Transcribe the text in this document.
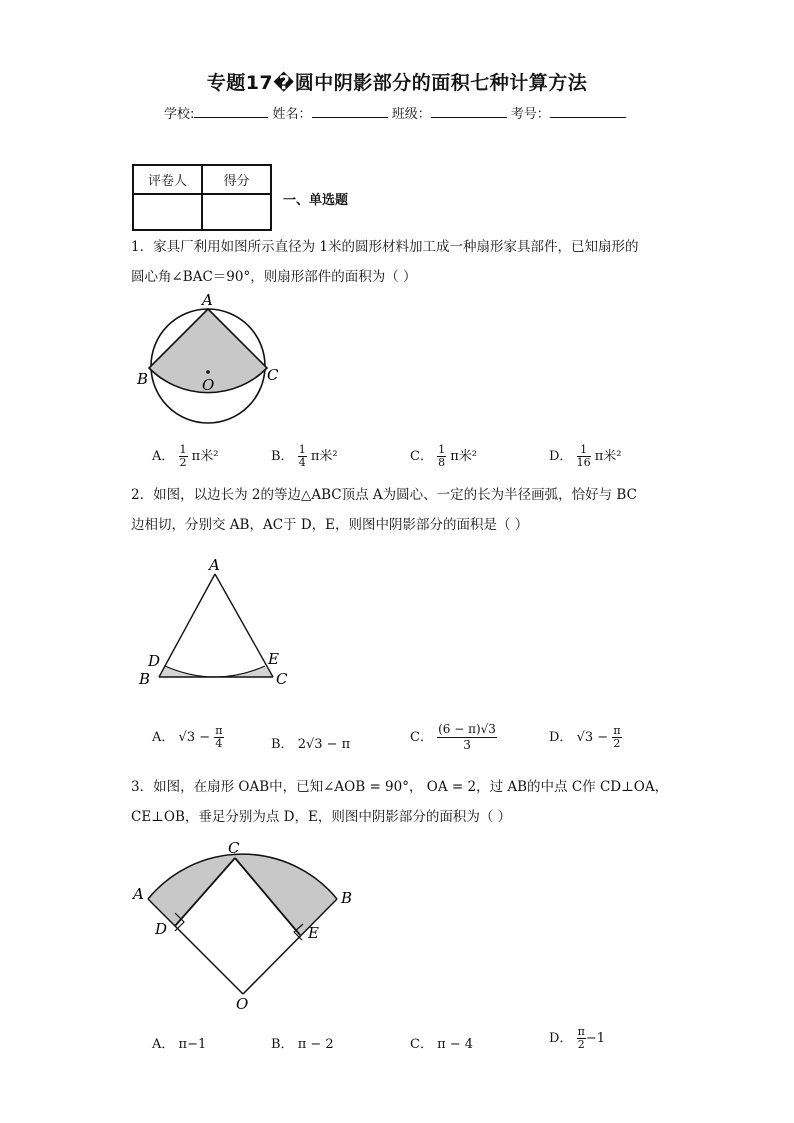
专题17�圆中阴影部分的面积七种计算方法
学校:	姓名：	班级：	考号：
评卷人	得分

一、单选题
1．家具厂利用如图所示直径为 1米的圆形材料加工成一种扇形家具部件，已知扇形的
圆心角∠BAC＝90°，则扇形部件的面积为（ ）
A
B	C
O
A． $\frac{1}{2}$ π米²	B． $\frac{1}{4}$ π米²	C． $\frac{1}{8}$ π米²	D． $\frac{1}{16}$ π米²
2．如图，以边长为 2的等边△ABC顶点 A为圆心、一定的长为半径画弧，恰好与 BC
边相切，分别交 AB，AC于 D，E，则图中阴影部分的面积是（ ）
A
B	C
D	E
A． $√3 - \frac{\pi}{4}$	B． 2√3 − π	C． $\frac{(6 - \pi)√3}{3}$	D． $√3 - \frac{\pi}{2}$
3．如图，在扇形 OAB中，已知∠AOB = 90°， OA = 2，过 AB的中点 C作 CD⊥OA，
CE⊥OB，垂足分别为点 D，E，则图中阴影部分的面积为（ ）
C
A	B
D	E
O
A． π−1	B． π − 2	C． π − 4	D． $\frac{\pi}{2} -1$
